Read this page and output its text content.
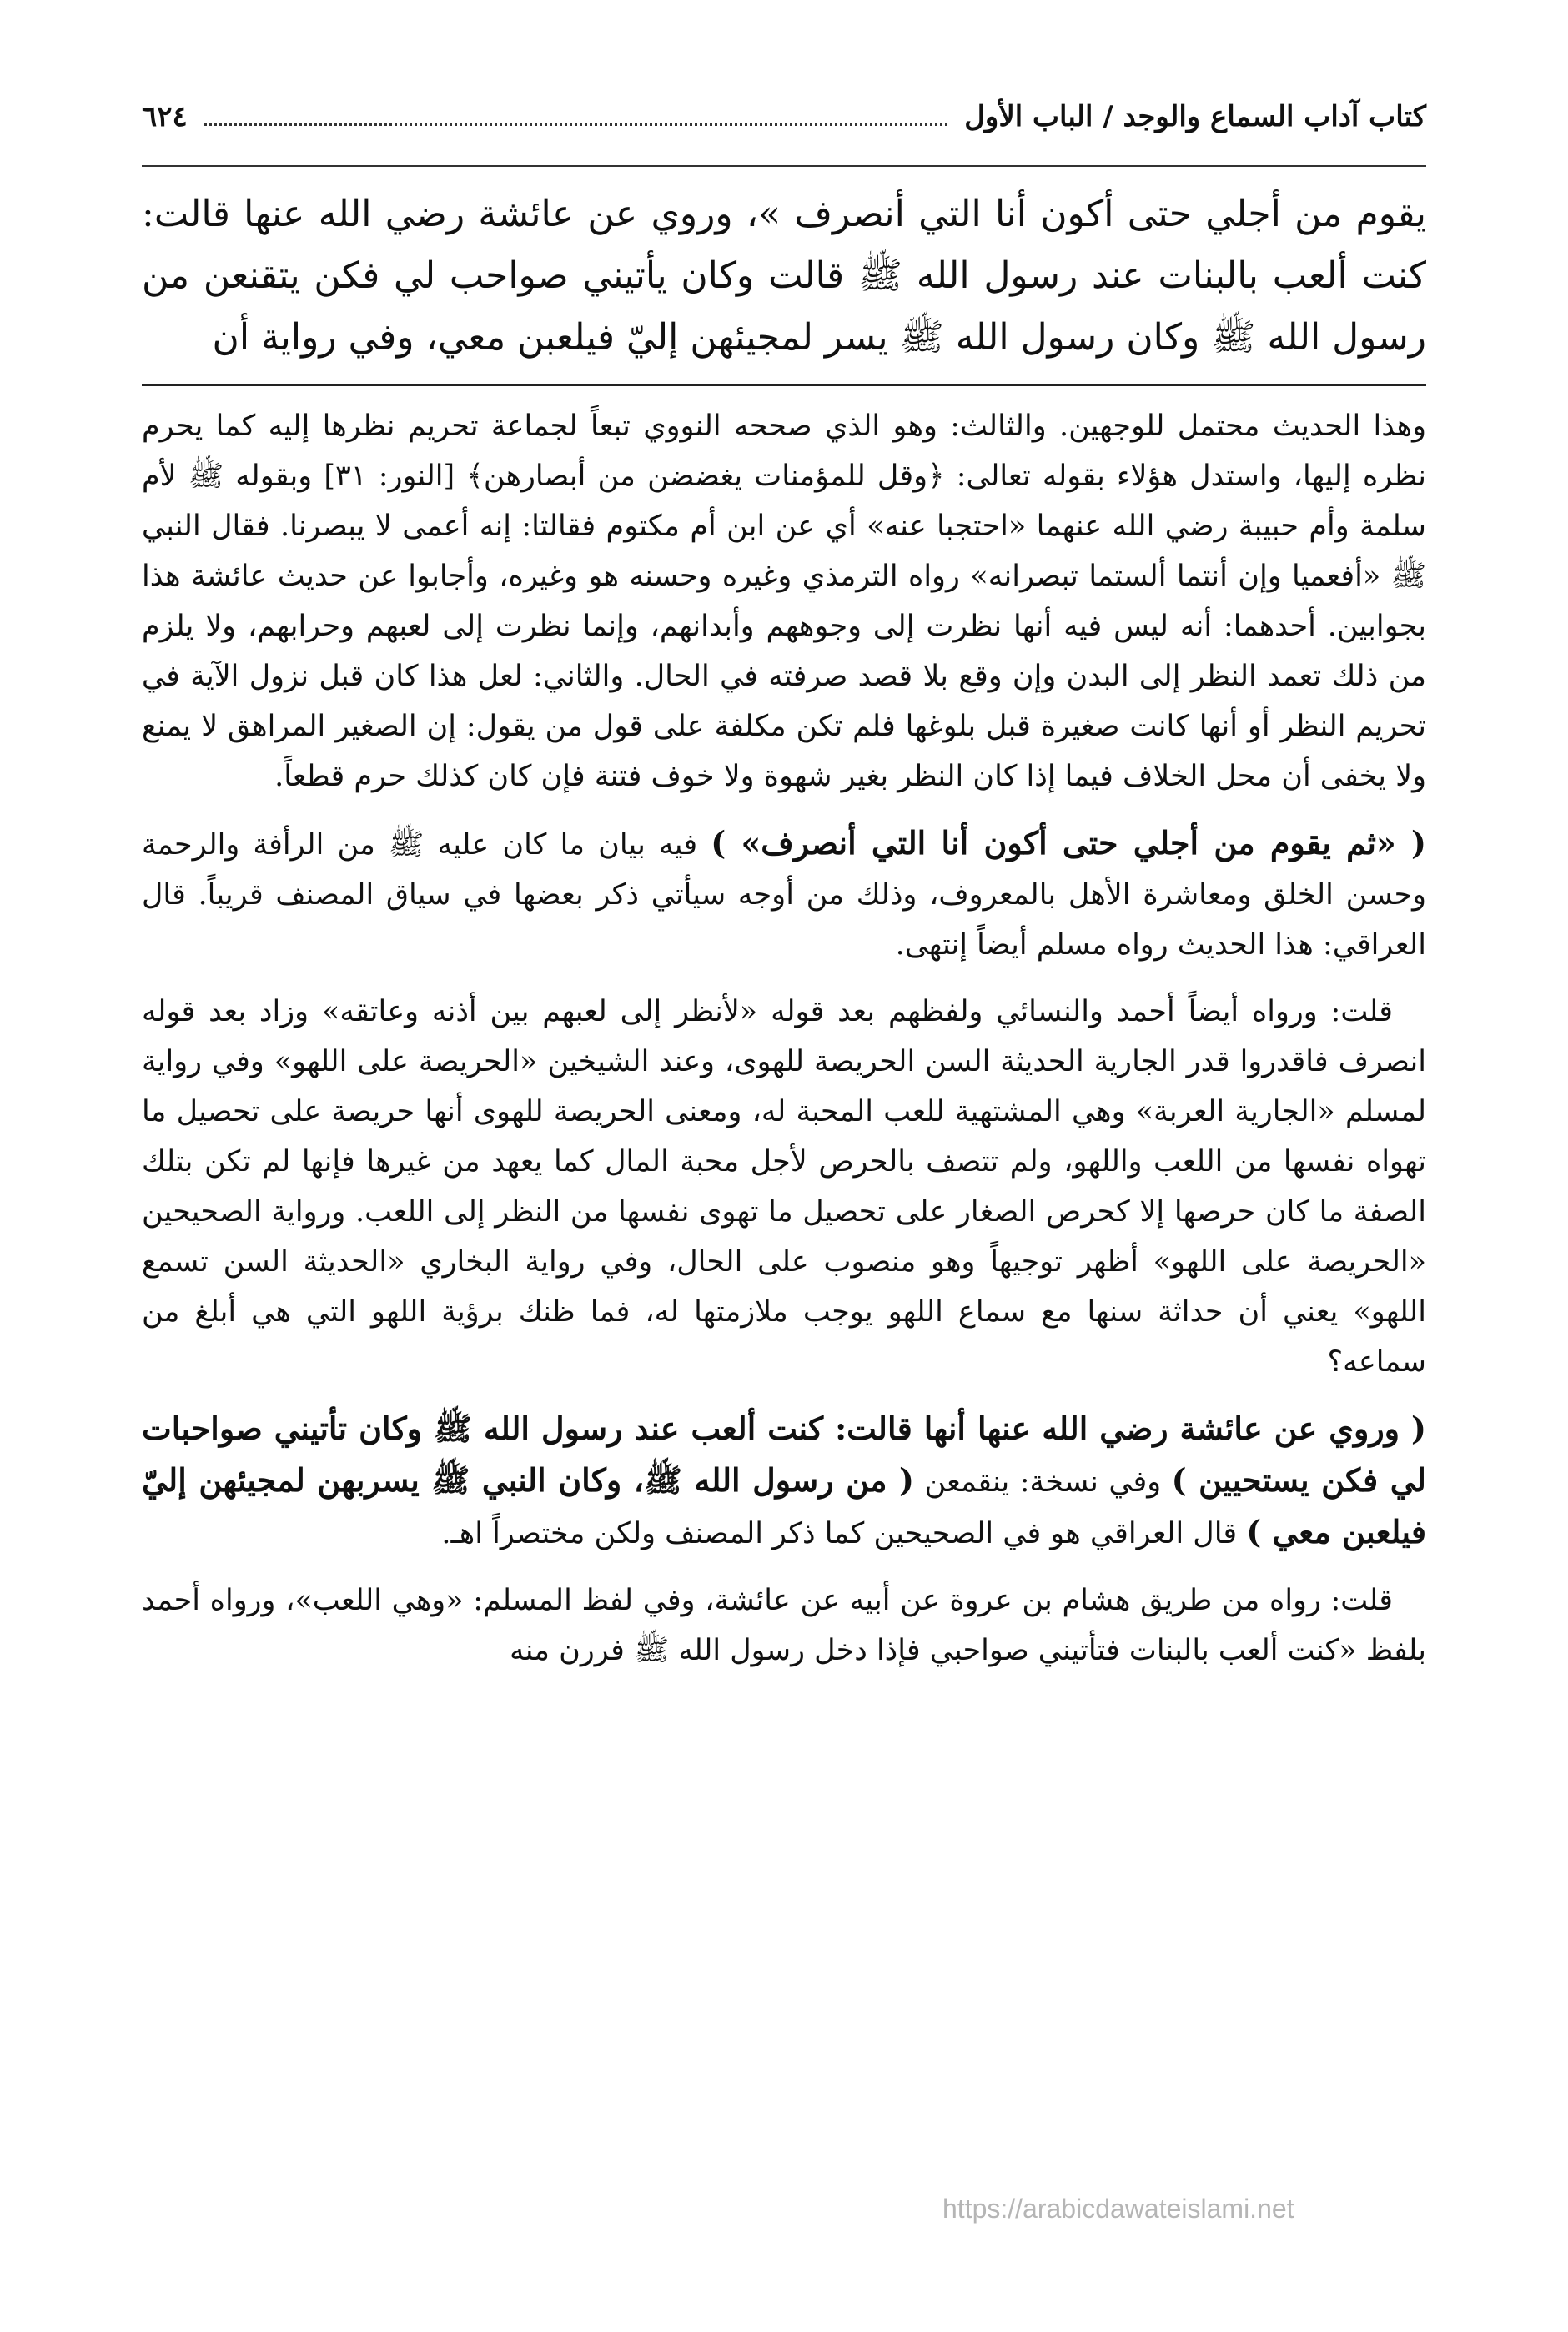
كتاب آداب السماع والوجد / الباب الأول
٦٢٤

يقوم من أجلي حتى أكون أنا التي أنصرف »، وروي عن عائشة رضي الله عنها قالت: كنت ألعب بالبنات عند رسول الله ﷺ قالت وكان يأتيني صواحب لي فكن يتقنعن من رسول الله ﷺ وكان رسول الله ﷺ يسر لمجيئهن إليّ فيلعبن معي، وفي رواية أن

وهذا الحديث محتمل للوجهين. والثالث: وهو الذي صححه النووي تبعاً لجماعة تحريم نظرها إليه كما يحرم نظره إليها، واستدل هؤلاء بقوله تعالى: ﴿وقل للمؤمنات يغضضن من أبصارهن﴾ [النور: ٣١] وبقوله ﷺ لأم سلمة وأم حبيبة رضي الله عنهما «احتجبا عنه» أي عن ابن أم مكتوم فقالتا: إنه أعمى لا يبصرنا. فقال النبي ﷺ «أفعميا وإن أنتما ألستما تبصرانه» رواه الترمذي وغيره وحسنه هو وغيره، وأجابوا عن حديث عائشة هذا بجوابين. أحدهما: أنه ليس فيه أنها نظرت إلى وجوههم وأبدانهم، وإنما نظرت إلى لعبهم وحرابهم، ولا يلزم من ذلك تعمد النظر إلى البدن وإن وقع بلا قصد صرفته في الحال. والثاني: لعل هذا كان قبل نزول الآية في تحريم النظر أو أنها كانت صغيرة قبل بلوغها فلم تكن مكلفة على قول من يقول: إن الصغير المراهق لا يمنع ولا يخفى أن محل الخلاف فيما إذا كان النظر بغير شهوة ولا خوف فتنة فإن كان كذلك حرم قطعاً.

( «ثم يقوم من أجلي حتى أكون أنا التي أنصرف» ) فيه بيان ما كان عليه ﷺ من الرأفة والرحمة وحسن الخلق ومعاشرة الأهل بالمعروف، وذلك من أوجه سيأتي ذكر بعضها في سياق المصنف قريباً. قال العراقي: هذا الحديث رواه مسلم أيضاً إنتهى.

قلت: ورواه أيضاً أحمد والنسائي ولفظهم بعد قوله «لأنظر إلى لعبهم بين أذنه وعاتقه» وزاد بعد قوله انصرف فاقدروا قدر الجارية الحديثة السن الحريصة للهوى، وعند الشيخين «الحريصة على اللهو» وفي رواية لمسلم «الجارية العربة» وهي المشتهية للعب المحبة له، ومعنى الحريصة للهوى أنها حريصة على تحصيل ما تهواه نفسها من اللعب واللهو، ولم تتصف بالحرص لأجل محبة المال كما يعهد من غيرها فإنها لم تكن بتلك الصفة ما كان حرصها إلا كحرص الصغار على تحصيل ما تهوى نفسها من النظر إلى اللعب. ورواية الصحيحين «الحريصة على اللهو» أظهر توجيهاً وهو منصوب على الحال، وفي رواية البخاري «الحديثة السن تسمع اللهو» يعني أن حداثة سنها مع سماع اللهو يوجب ملازمتها له، فما ظنك برؤية اللهو التي هي أبلغ من سماعه؟

( وروي عن عائشة رضي الله عنها أنها قالت: كنت ألعب عند رسول الله ﷺ وكان تأتيني صواحبات لي فكن يستحيين ) وفي نسخة: ينقمعن ( من رسول الله ﷺ، وكان النبي ﷺ يسربهن لمجيئهن إليّ فيلعبن معي ) قال العراقي هو في الصحيحين كما ذكر المصنف ولكن مختصراً اهـ.

قلت: رواه من طريق هشام بن عروة عن أبيه عن عائشة، وفي لفظ المسلم: «وهي اللعب»، ورواه أحمد بلفظ «كنت ألعب بالبنات فتأتيني صواحبي فإذا دخل رسول الله ﷺ فررن منه

https://arabicdawateislami.net
